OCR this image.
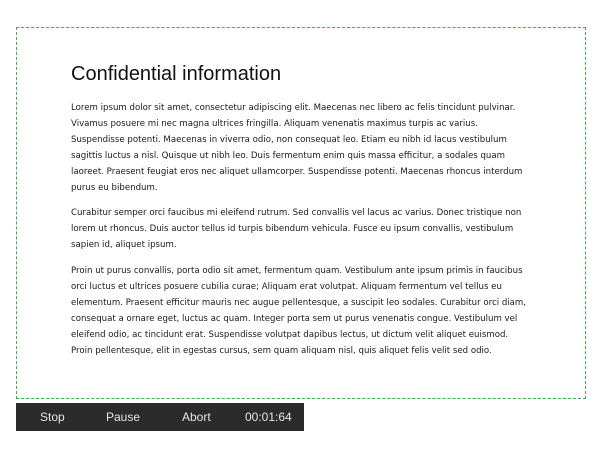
Confidential information

Lorem ipsum dolor sit amet, consectetur adipiscing elit. Maecenas nec libero ac felis tincidunt pulvinar. Vivamus posuere mi nec magna ultrices fringilla. Aliquam venenatis maximus turpis ac varius. Suspendisse potenti. Maecenas in viverra odio, non consequat leo. Etiam eu nibh id lacus vestibulum sagittis luctus a nisl. Quisque ut nibh leo. Duis fermentum enim quis massa efficitur, a sodales quam laoreet. Praesent feugiat eros nec aliquet ullamcorper. Suspendisse potenti. Maecenas rhoncus interdum purus eu bibendum.

Curabitur semper orci faucibus mi eleifend rutrum. Sed convallis vel lacus ac varius. Donec tristique non lorem ut rhoncus. Duis auctor tellus id turpis bibendum vehicula. Fusce eu ipsum convallis, vestibulum sapien id, aliquet ipsum.

Proin ut purus convallis, porta odio sit amet, fermentum quam. Vestibulum ante ipsum primis in faucibus orci luctus et ultrices posuere cubilia curae; Aliquam erat volutpat. Aliquam fermentum vel tellus eu elementum. Praesent efficitur mauris nec augue pellentesque, a suscipit leo sodales. Curabitur orci diam, consequat a ornare eget, luctus ac quam. Integer porta sem ut purus venenatis congue. Vestibulum vel eleifend odio, ac tincidunt erat. Suspendisse volutpat dapibus lectus, ut dictum velit aliquet euismod. Proin pellentesque, elit in egestas cursus, sem quam aliquam nisl, quis aliquet felis velit sed odio.

Stop	Pause	Abort	00:01:64
